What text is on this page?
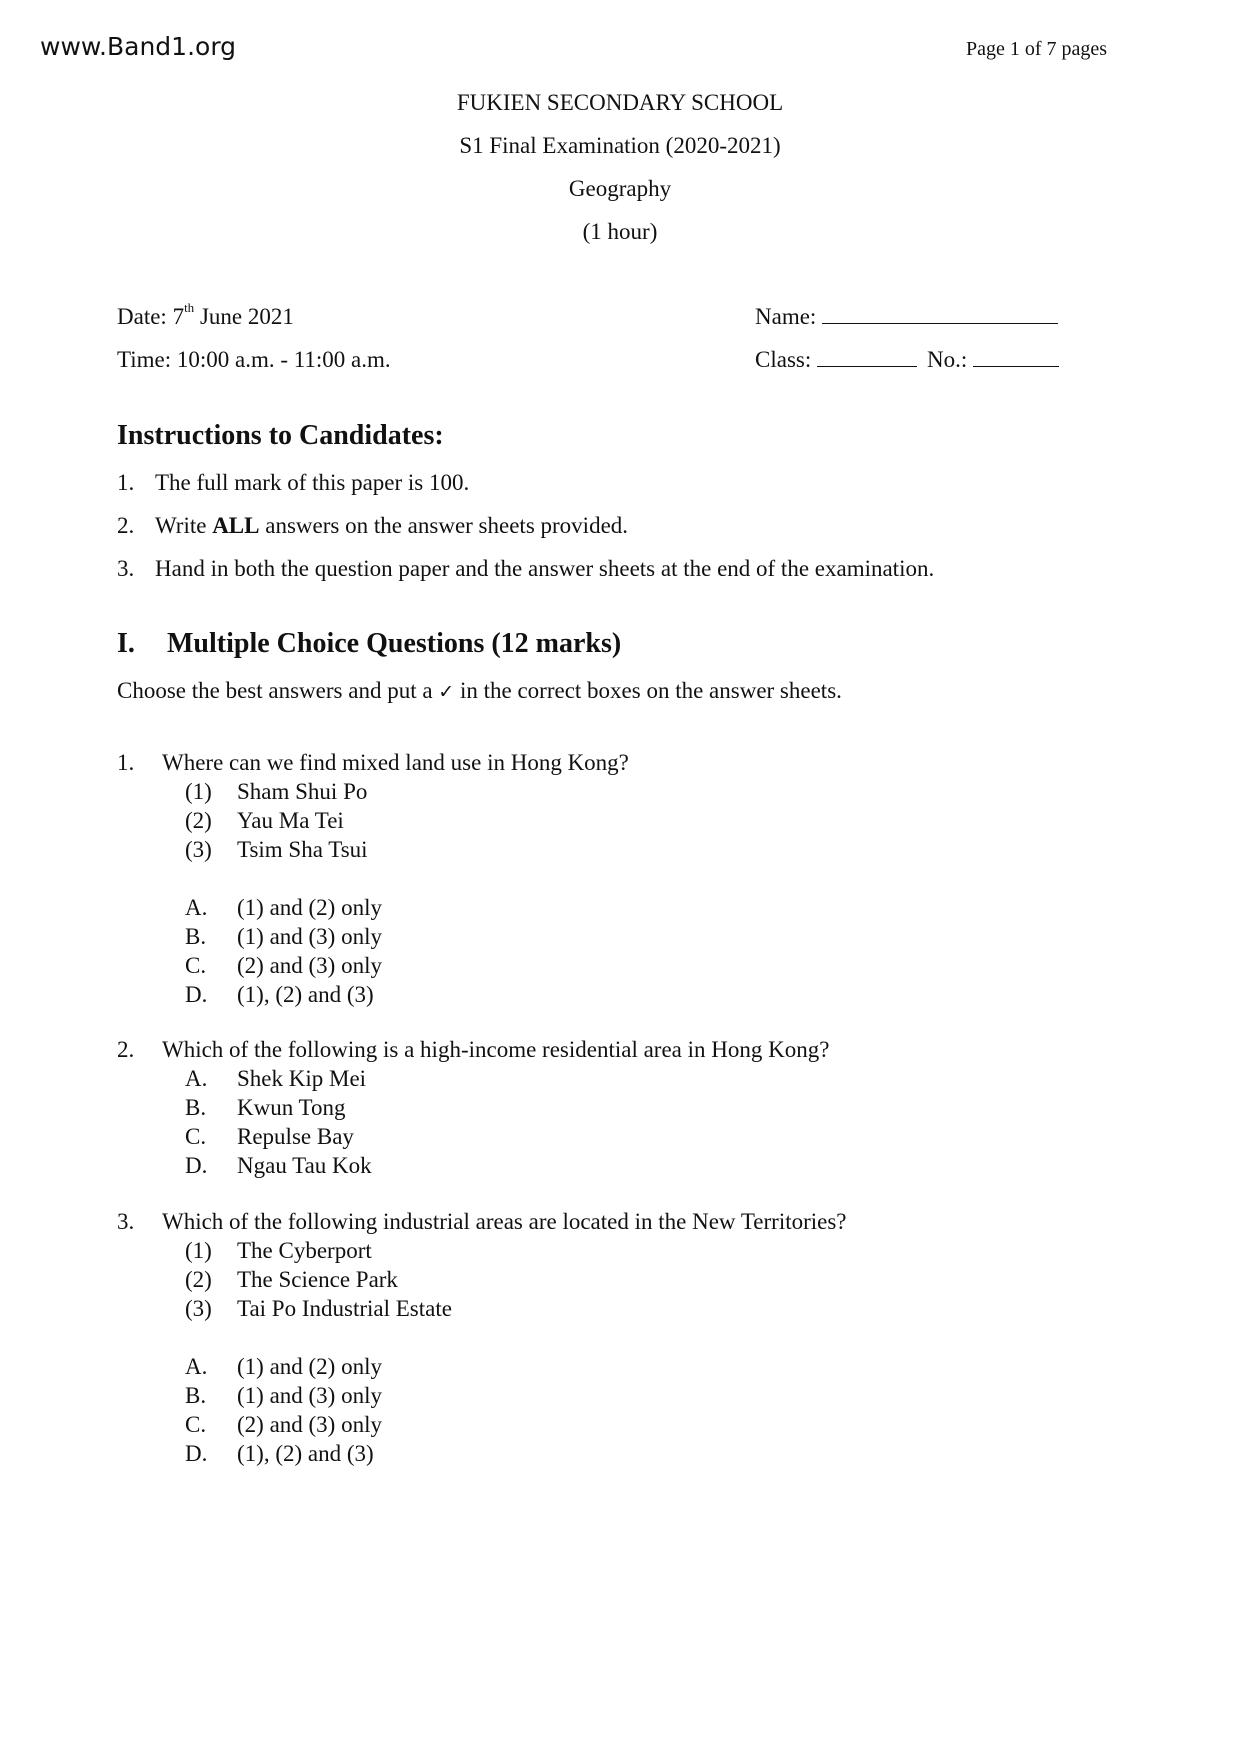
www.Band1.org	Page 1 of 7 pages
FUKIEN SECONDARY SCHOOL
S1 Final Examination (2020-2021)
Geography
(1 hour)
Date: 7th June 2021
Time: 10:00 a.m. - 11:00 a.m.
Name:
Class:	No.:
Instructions to Candidates:
1. The full mark of this paper is 100.
2. Write ALL answers on the answer sheets provided.
3. Hand in both the question paper and the answer sheets at the end of the examination.
I. Multiple Choice Questions (12 marks)
Choose the best answers and put a ✓ in the correct boxes on the answer sheets.
1. Where can we find mixed land use in Hong Kong?
(1) Sham Shui Po
(2) Yau Ma Tei
(3) Tsim Sha Tsui
A. (1) and (2) only
B. (1) and (3) only
C. (2) and (3) only
D. (1), (2) and (3)
2. Which of the following is a high-income residential area in Hong Kong?
A. Shek Kip Mei
B. Kwun Tong
C. Repulse Bay
D. Ngau Tau Kok
3. Which of the following industrial areas are located in the New Territories?
(1) The Cyberport
(2) The Science Park
(3) Tai Po Industrial Estate
A. (1) and (2) only
B. (1) and (3) only
C. (2) and (3) only
D. (1), (2) and (3)
